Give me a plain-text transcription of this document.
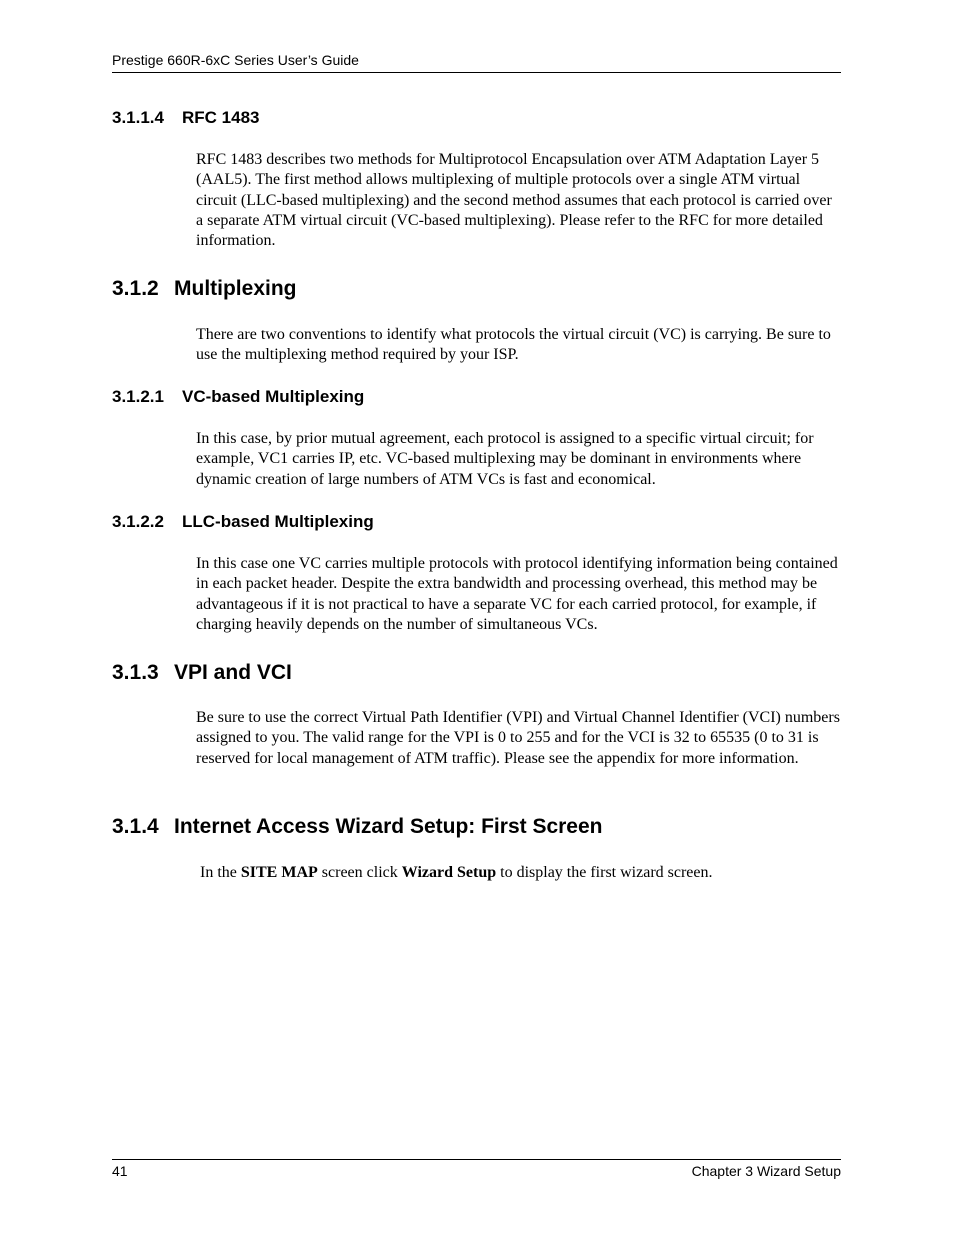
Prestige 660R-6xC Series User’s Guide
3.1.1.4 RFC 1483
RFC 1483 describes two methods for Multiprotocol Encapsulation over ATM Adaptation Layer 5 (AAL5). The first method allows multiplexing of multiple protocols over a single ATM virtual circuit (LLC-based multiplexing) and the second method assumes that each protocol is carried over a separate ATM virtual circuit (VC-based multiplexing). Please refer to the RFC for more detailed information.
3.1.2 Multiplexing
There are two conventions to identify what protocols the virtual circuit (VC) is carrying. Be sure to use the multiplexing method required by your ISP.
3.1.2.1 VC-based Multiplexing
In this case, by prior mutual agreement, each protocol is assigned to a specific virtual circuit; for example, VC1 carries IP, etc. VC-based multiplexing may be dominant in environments where dynamic creation of large numbers of ATM VCs is fast and economical.
3.1.2.2 LLC-based Multiplexing
In this case one VC carries multiple protocols with protocol identifying information being contained in each packet header. Despite the extra bandwidth and processing overhead, this method may be advantageous if it is not practical to have a separate VC for each carried protocol, for example, if charging heavily depends on the number of simultaneous VCs.
3.1.3 VPI and VCI
Be sure to use the correct Virtual Path Identifier (VPI) and Virtual Channel Identifier (VCI) numbers assigned to you. The valid range for the VPI is 0 to 255 and for the VCI is 32 to 65535 (0 to 31 is reserved for local management of ATM traffic). Please see the appendix for more information.
3.1.4 Internet Access Wizard Setup: First Screen
In the SITE MAP screen click Wizard Setup to display the first wizard screen.
41	Chapter 3 Wizard Setup
